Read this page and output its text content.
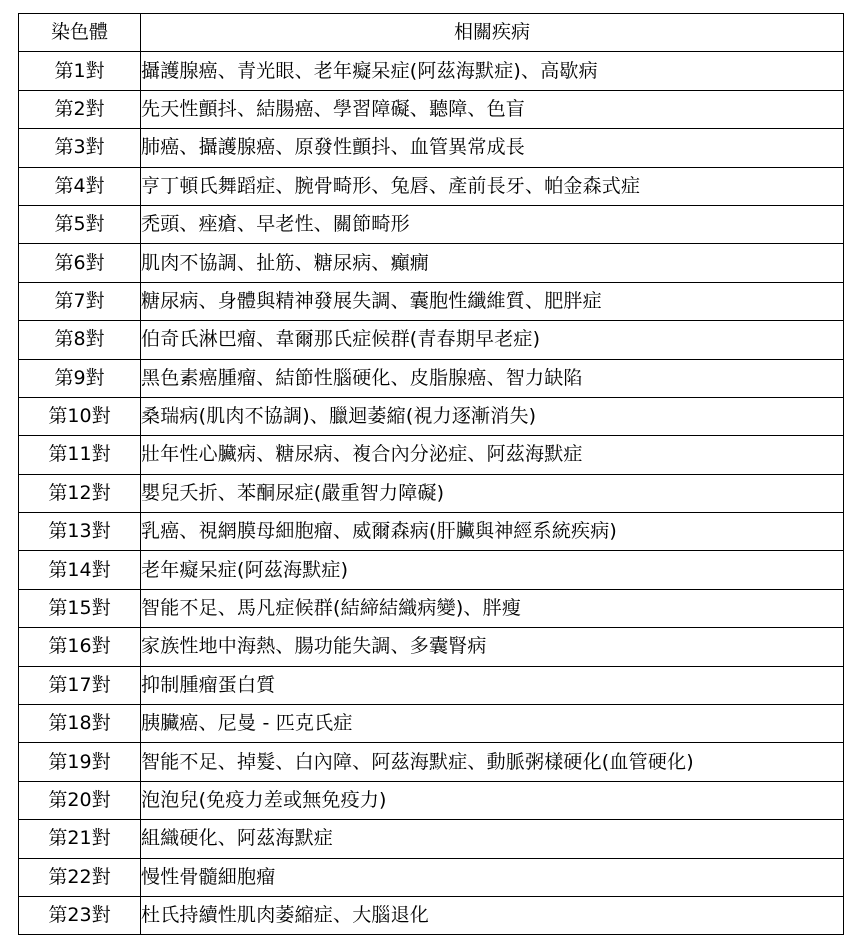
染色體	相關疾病
第1對	攝護腺癌、青光眼、老年癡呆症(阿茲海默症)、高歇病
第2對	先天性顫抖、結腸癌、學習障礙、聽障、色盲
第3對	肺癌、攝護腺癌、原發性顫抖、血管異常成長
第4對	亨丁頓氏舞蹈症、腕骨畸形、兔唇、產前長牙、帕金森式症
第5對	禿頭、痤瘡、早老性、關節畸形
第6對	肌肉不協調、扯筋、糖尿病、癲癇
第7對	糖尿病、身體與精神發展失調、囊胞性纖維質、肥胖症
第8對	伯奇氏淋巴瘤、韋爾那氏症候群(青春期早老症)
第9對	黑色素癌腫瘤、結節性腦硬化、皮脂腺癌、智力缺陷
第10對	桑瑞病(肌肉不協調)、臘迴萎縮(視力逐漸消失)
第11對	壯年性心臟病、糖尿病、複合內分泌症、阿茲海默症
第12對	嬰兒夭折、苯酮尿症(嚴重智力障礙)
第13對	乳癌、視網膜母細胞瘤、威爾森病(肝臟與神經系統疾病)
第14對	老年癡呆症(阿茲海默症)
第15對	智能不足、馬凡症候群(結締結織病變)、胖瘦
第16對	家族性地中海熱、腸功能失調、多囊腎病
第17對	抑制腫瘤蛋白質
第18對	胰臟癌、尼曼 - 匹克氏症
第19對	智能不足、掉髮、白內障、阿茲海默症、動脈粥樣硬化(血管硬化)
第20對	泡泡兒(免疫力差或無免疫力)
第21對	組織硬化、阿茲海默症
第22對	慢性骨髓細胞瘤
第23對	杜氏持續性肌肉萎縮症、大腦退化
